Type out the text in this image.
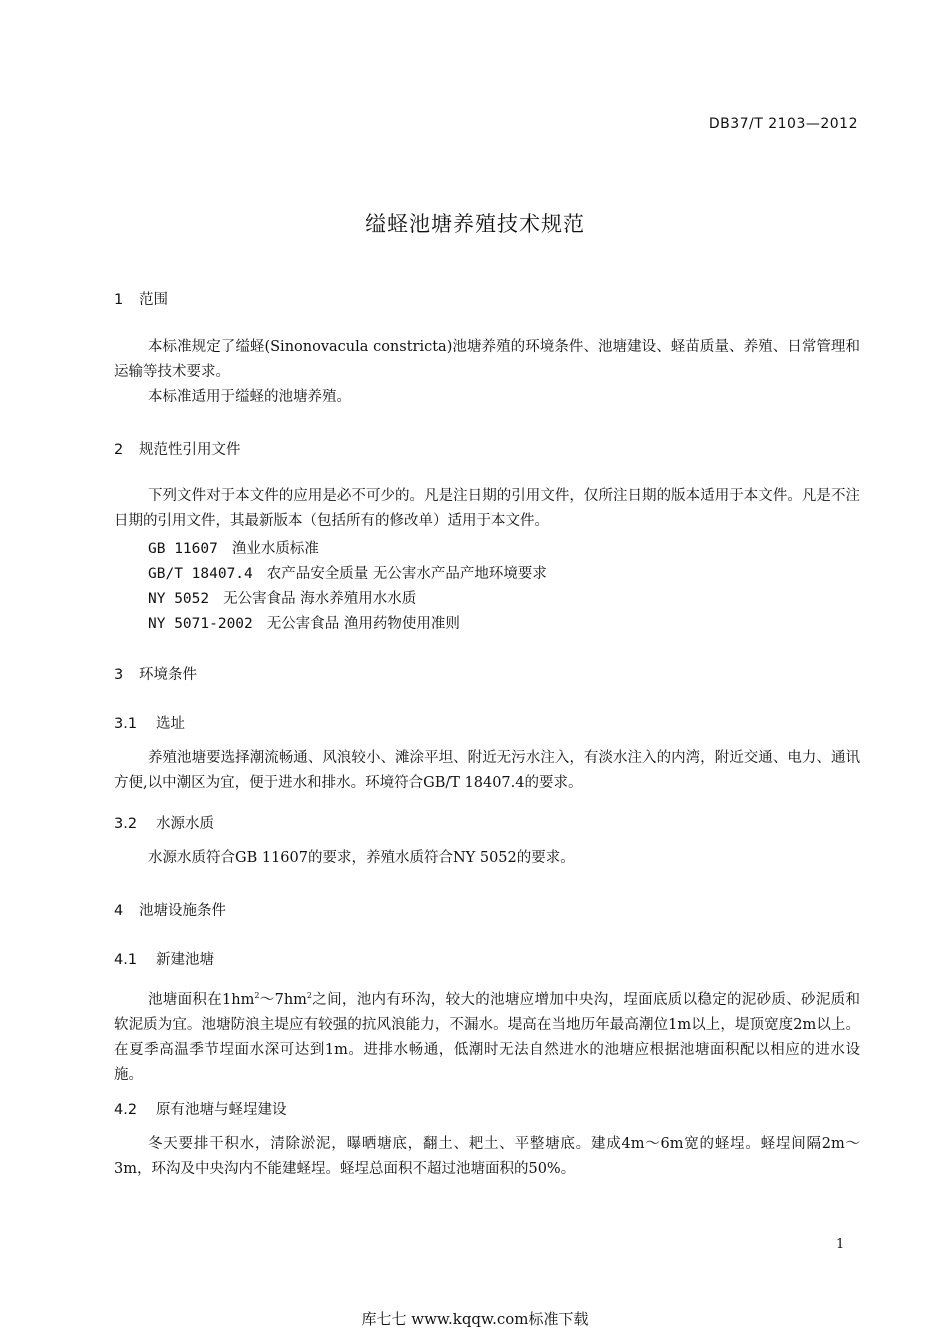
DB37/T 2103—2012
缢蛏池塘养殖技术规范
1 范围
本标准规定了缢蛏(Sinonovacula constricta)池塘养殖的环境条件、池塘建设、蛏苗质量、养殖、日常管理和运输等技术要求。
本标准适用于缢蛏的池塘养殖。
2 规范性引用文件
下列文件对于本文件的应用是必不可少的。凡是注日期的引用文件，仅所注日期的版本适用于本文件。凡是不注日期的引用文件，其最新版本（包括所有的修改单）适用于本文件。
GB 11607 渔业水质标准
GB/T 18407.4 农产品安全质量 无公害水产品产地环境要求
NY 5052 无公害食品 海水养殖用水水质
NY 5071-2002 无公害食品 渔用药物使用准则
3 环境条件
3.1 选址
养殖池塘要选择潮流畅通、风浪较小、滩涂平坦、附近无污水注入，有淡水注入的内湾，附近交通、电力、通讯方便,以中潮区为宜，便于进水和排水。环境符合GB/T 18407.4的要求。
3.2 水源水质
水源水质符合GB 11607的要求，养殖水质符合NY 5052的要求。
4 池塘设施条件
4.1 新建池塘
池塘面积在$1hm^2\sim 7hm^2$之间，池内有环沟，较大的池塘应增加中央沟，埕面底质以稳定的泥砂质、砂泥质和软泥质为宜。池塘防浪主堤应有较强的抗风浪能力，不漏水。堤高在当地历年最高潮位1m以上，堤顶宽度2m以上。在夏季高温季节埕面水深可达到1m。进排水畅通，低潮时无法自然进水的池塘应根据池塘面积配以相应的进水设施。
4.2 原有池塘与蛏埕建设
冬天要排干积水，清除淤泥，曝晒塘底，翻土、耙土、平整塘底。建成4m～6m宽的蛏埕。蛏埕间隔2m～3m，环沟及中央沟内不能建蛏埕。蛏埕总面积不超过池塘面积的50%。
1
库七七 www.kqqw.com标准下载
